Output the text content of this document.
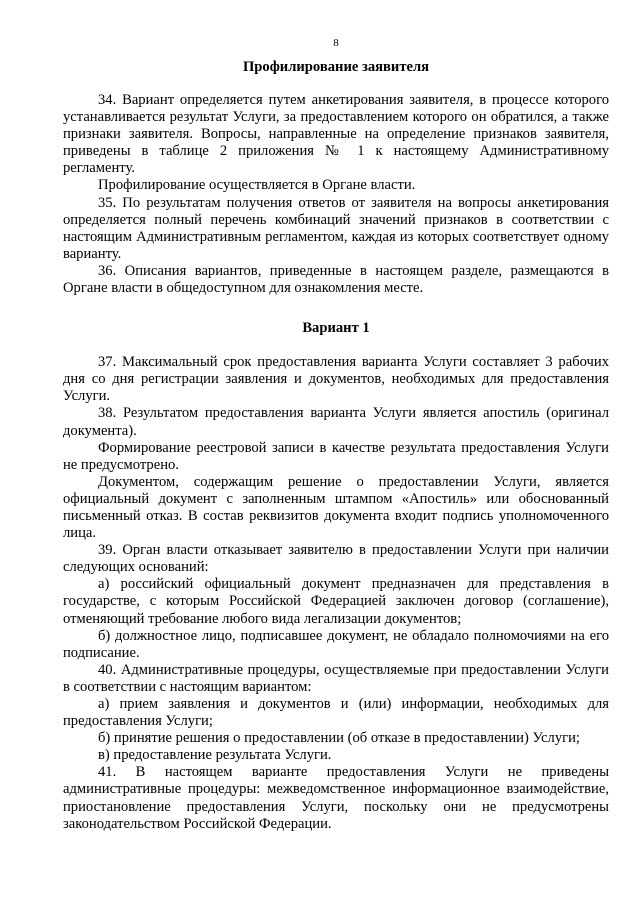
8
Профилирование заявителя

34. Вариант определяется путем анкетирования заявителя, в процессе которого устанавливается результат Услуги, за предоставлением которого он обратился, а также признаки заявителя. Вопросы, направленные на определение признаков заявителя, приведены в таблице 2 приложения № 1 к настоящему Административному регламенту.

Профилирование осуществляется в Органе власти.

35. По результатам получения ответов от заявителя на вопросы анкетирования определяется полный перечень комбинаций значений признаков в соответствии с настоящим Административным регламентом, каждая из которых соответствует одному варианту.

36. Описания вариантов, приведенные в настоящем разделе, размещаются в Органе власти в общедоступном для ознакомления месте.

Вариант 1

37. Максимальный срок предоставления варианта Услуги составляет 3 рабочих дня со дня регистрации заявления и документов, необходимых для предоставления Услуги.

38. Результатом предоставления варианта Услуги является апостиль (оригинал документа).

Формирование реестровой записи в качестве результата предоставления Услуги не предусмотрено.

Документом, содержащим решение о предоставлении Услуги, является официальный документ с заполненным штампом «Апостиль» или обоснованный письменный отказ. В состав реквизитов документа входит подпись уполномоченного лица.

39. Орган власти отказывает заявителю в предоставлении Услуги при наличии следующих оснований:

а) российский официальный документ предназначен для представления в государстве, с которым Российской Федерацией заключен договор (соглашение), отменяющий требование любого вида легализации документов;

б) должностное лицо, подписавшее документ, не обладало полномочиями на его подписание.

40. Административные процедуры, осуществляемые при предоставлении Услуги в соответствии с настоящим вариантом:

а) прием заявления и документов и (или) информации, необходимых для предоставления Услуги;

б) принятие решения о предоставлении (об отказе в предоставлении) Услуги;

в) предоставление результата Услуги.

41. В настоящем варианте предоставления Услуги не приведены административные процедуры: межведомственное информационное взаимодействие, приостановление предоставления Услуги, поскольку они не предусмотрены законодательством Российской Федерации.
